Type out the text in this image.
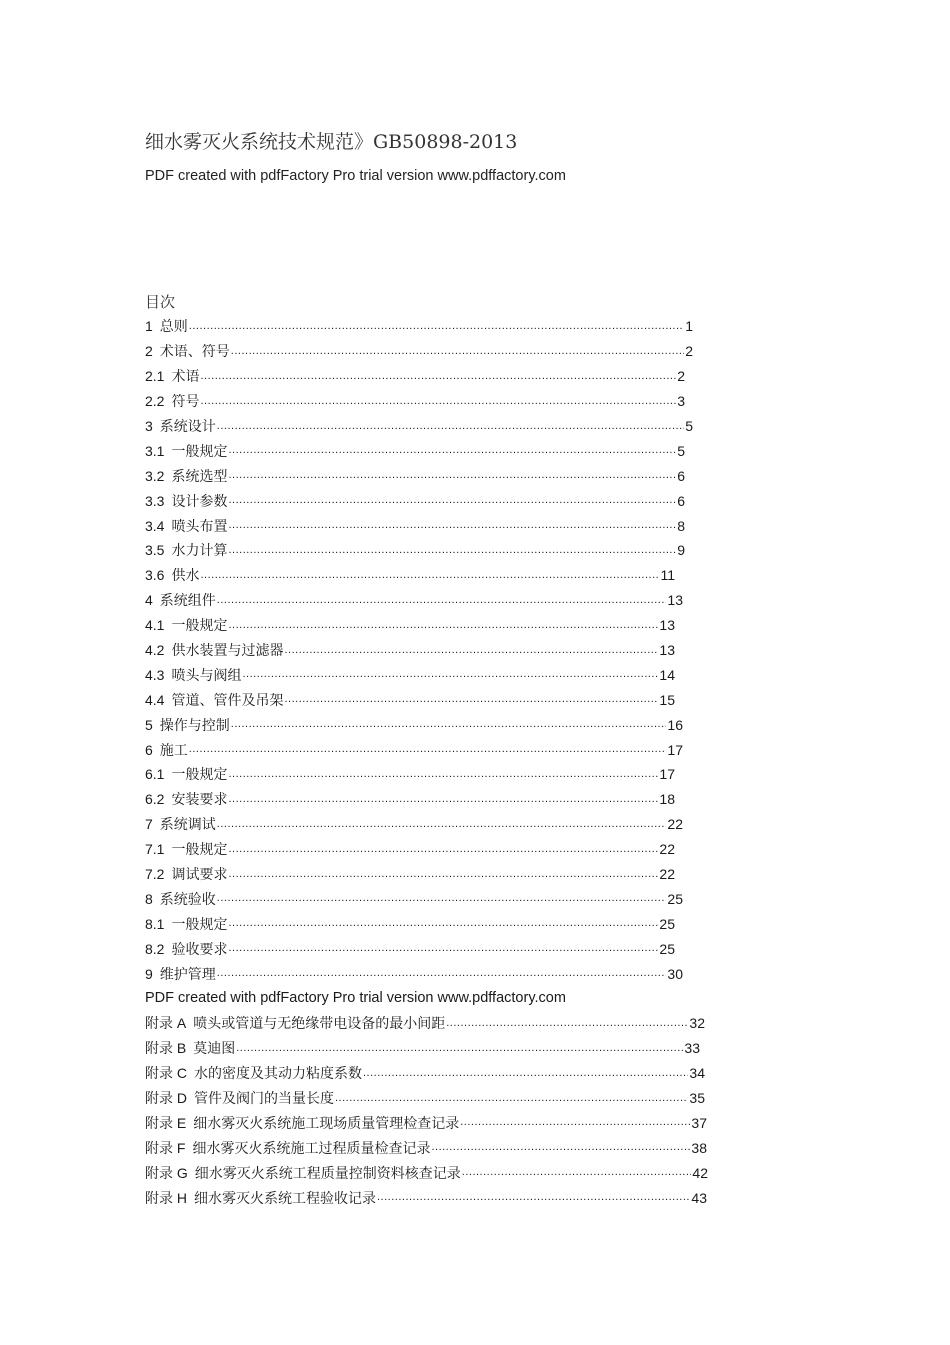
细水雾灭火系统技术规范》GB50898-2013
PDF created with pdfFactory Pro trial version www.pdffactory.com
目次
1 总则 .....	1
2 术语、符号 .....	2
2.1 术语 .....	2
2.2 符号 .....	3
3 系统设计 .....	5
3.1 一般规定 .....	5
3.2 系统选型 .....	6
3.3 设计参数 .....	6
3.4 喷头布置 .....	8
3.5 水力计算 .....	9
3.6 供水 .....	11
4 系统组件 .....	13
4.1 一般规定 .....	13
4.2 供水装置与过滤器 .....	13
4.3 喷头与阀组 .....	14
4.4 管道、管件及吊架 .....	15
5 操作与控制 .....	16
6 施工 .....	17
6.1 一般规定 .....	17
6.2 安装要求 .....	18
7 系统调试 .....	22
7.1 一般规定 .....	22
7.2 调试要求 .....	22
8 系统验收 .....	25
8.1 一般规定 .....	25
8.2 验收要求 .....	25
9 维护管理 .....	30
PDF created with pdfFactory Pro trial version www.pdffactory.com
附录 A 喷头或管道与无绝缘带电设备的最小间距 .....	32
附录 B 莫迪图 .....	33
附录 C 水的密度及其动力粘度系数 .....	34
附录 D 管件及阀门的当量长度 .....	35
附录 E 细水雾灭火系统施工现场质量管理检查记录 .....	37
附录 F 细水雾灭火系统施工过程质量检查记录 .....	38
附录 G 细水雾灭火系统工程质量控制资料核查记录 .....	42
附录 H 细水雾灭火系统工程验收记录 .....	43
